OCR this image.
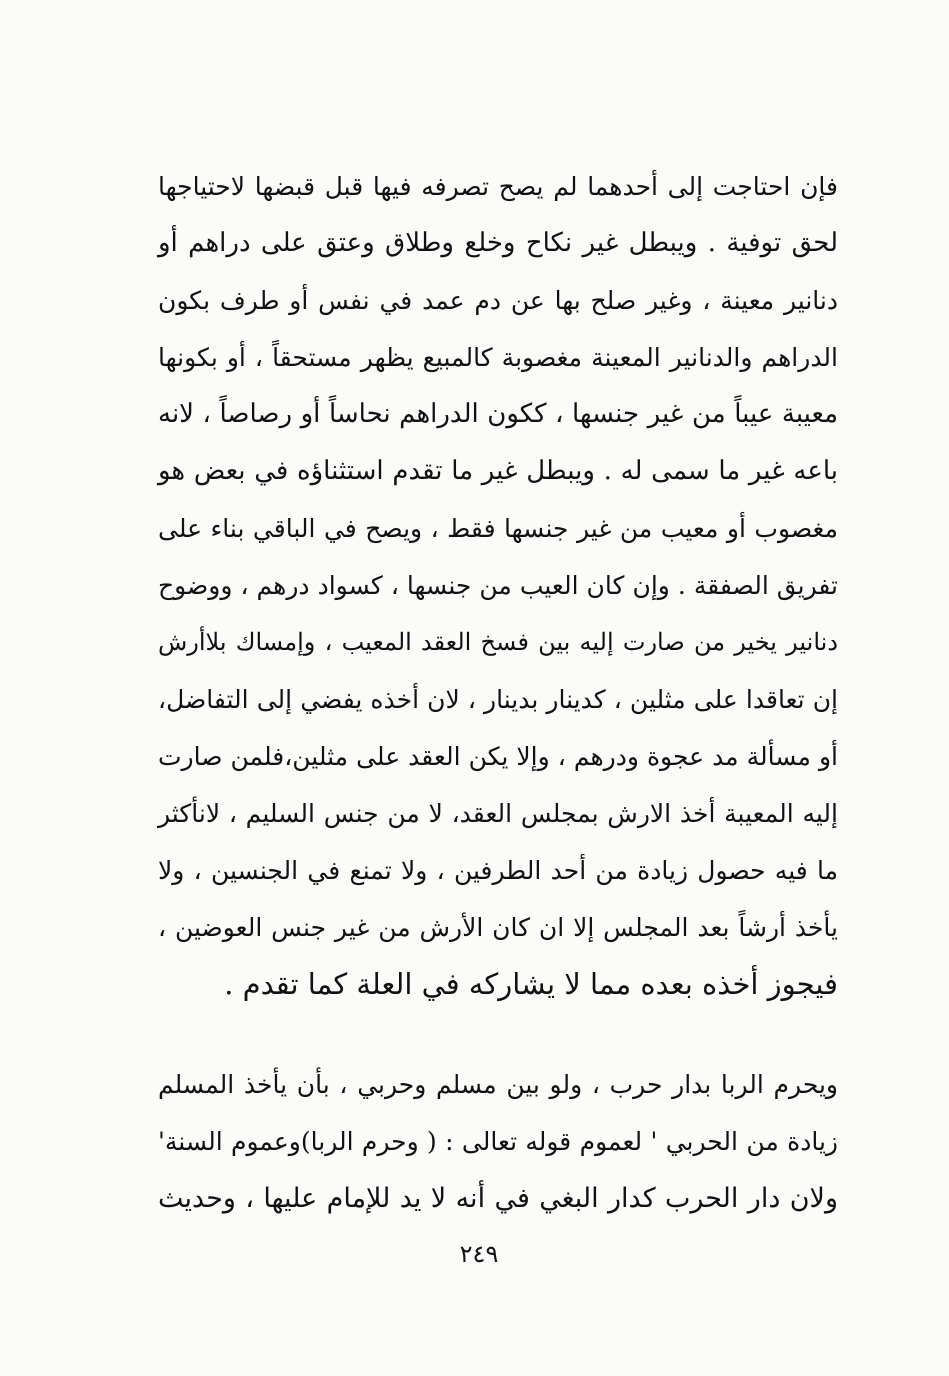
فإن احتاجت إلى أحدهما لم يصح تصرفه فيها قبل قبضها لاحتياجها
لحق توفية . ويبطل غير نكاح وخلع وطلاق وعتق على دراهم أو
دنانير معينة ، وغير صلح بها عن دم عمد في نفس أو طرف بكون
الدراهم والدنانير المعينة مغصوبة كالمبيع يظهر مستحقاً ، أو بكونها
معيبة عيباً من غير جنسها ، ككون الدراهم نحاساً أو رصاصاً ، لانه
باعه غير ما سمى له . ويبطل غير ما تقدم استثناؤه في بعض هو
مغصوب أو معيب من غير جنسها فقط ، ويصح في الباقي بناء على
تفريق الصفقة . وإن كان العيب من جنسها ، كسواد درهم ، ووضوح
دنانير يخير من صارت إليه بين فسخ العقد المعيب ، وإمساك بلاأرش
إن تعاقدا على مثلين ، كدينار بدينار ، لان أخذه يفضي إلى التفاضل،
أو مسألة مد عجوة ودرهم ، وإلا يكن العقد على مثلين،فلمن صارت
إليه المعيبة أخذ الارش بمجلس العقد، لا من جنس السليم ، لانأكثر
ما فيه حصول زيادة من أحد الطرفين ، ولا تمنع في الجنسين ، ولا
يأخذ أرشاً بعد المجلس إلا ان كان الأرش من غير جنس العوضين ،
فيجوز أخذه بعده مما لا يشاركه في العلة كما تقدم .
ويحرم الربا بدار حرب ، ولو بين مسلم وحربي ، بأن يأخذ المسلم
زيادة من الحربي ' لعموم قوله تعالى : ( وحرم الربا)وعموم السنة'
ولان دار الحرب كدار البغي في أنه لا يد للإمام عليها ، وحديث
٢٤٩
